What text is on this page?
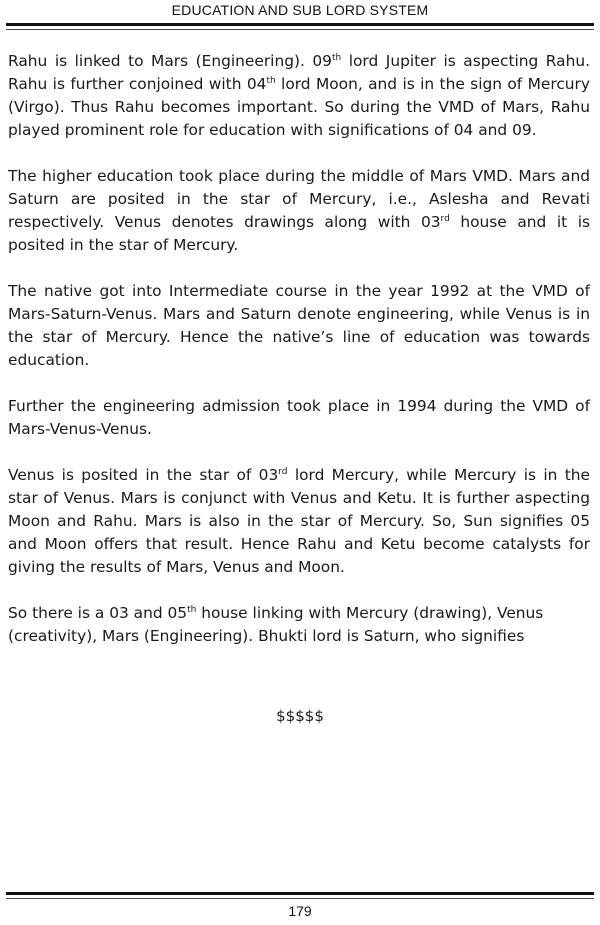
EDUCATION AND SUB LORD SYSTEM

Rahu is linked to Mars (Engineering). 09th lord Jupiter is aspecting Rahu. Rahu is further conjoined with 04th lord Moon, and is in the sign of Mercury (Virgo). Thus Rahu becomes important. So during the VMD of Mars, Rahu played prominent role for education with significations of 04 and 09.

The higher education took place during the middle of Mars VMD. Mars and Saturn are posited in the star of Mercury, i.e., Aslesha and Revati respectively. Venus denotes drawings along with 03rd house and it is posited in the star of Mercury.

The native got into Intermediate course in the year 1992 at the VMD of Mars-Saturn-Venus. Mars and Saturn denote engineering, while Venus is in the star of Mercury. Hence the native’s line of education was towards education.

Further the engineering admission took place in 1994 during the VMD of Mars-Venus-Venus.

Venus is posited in the star of 03rd lord Mercury, while Mercury is in the star of Venus. Mars is conjunct with Venus and Ketu. It is further aspecting Moon and Rahu. Mars is also in the star of Mercury. So, Sun signifies 05 and Moon offers that result. Hence Rahu and Ketu become catalysts for giving the results of Mars, Venus and Moon.

So there is a 03 and 05th house linking with Mercury (drawing), Venus (creativity), Mars (Engineering). Bhukti lord is Saturn, who signifies

$$$$$
179
